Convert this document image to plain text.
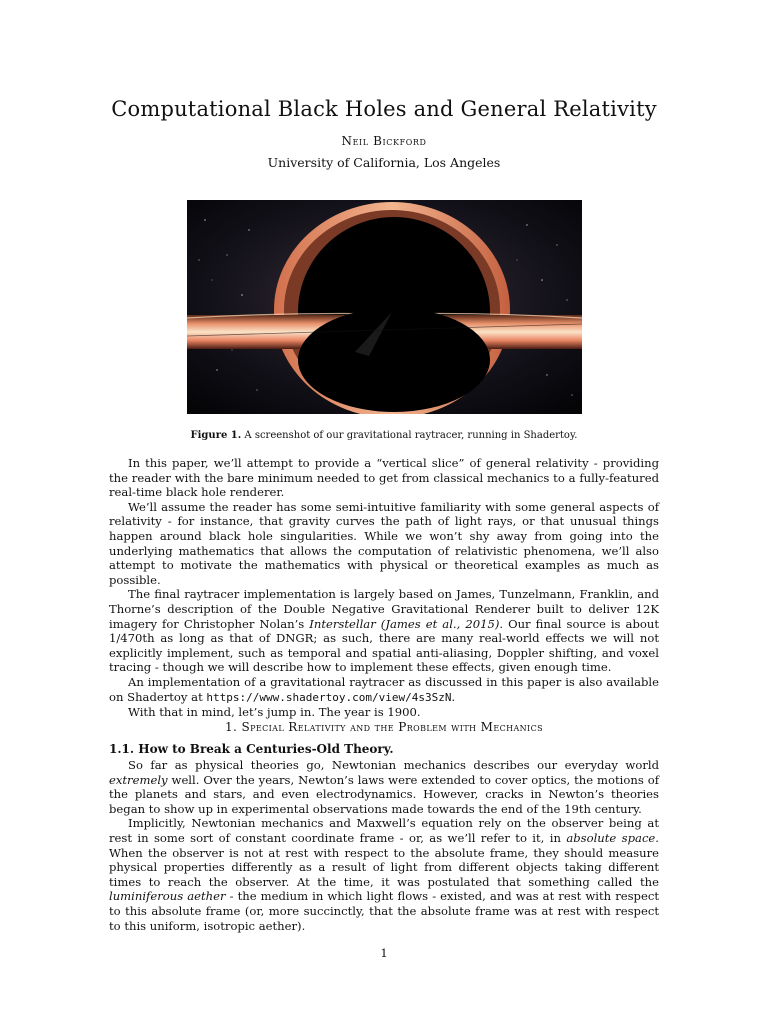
Computational Black Holes and General Relativity
Neil Bickford
University of California, Los Angeles
Figure 1. A screenshot of our gravitational raytracer, running in Shadertoy.

In this paper, we’ll attempt to provide a “vertical slice” of general relativity - providing the reader with the bare minimum needed to get from classical mechanics to a fully-featured real-time black hole renderer.

We’ll assume the reader has some semi-intuitive familiarity with some general aspects of relativity - for instance, that gravity curves the path of light rays, or that unusual things happen around black hole singularities. While we won’t shy away from going into the underlying mathematics that allows the computation of relativistic phenomena, we’ll also attempt to motivate the mathematics with physical or theoretical examples as much as possible.

The final raytracer implementation is largely based on James, Tunzelmann, Franklin, and Thorne’s description of the Double Negative Gravitational Renderer built to deliver 12K imagery for Christopher Nolan’s Interstellar (James et al., 2015). Our final source is about 1/470th as long as that of DNGR; as such, there are many real-world effects we will not explicitly implement, such as temporal and spatial anti-aliasing, Doppler shifting, and voxel tracing - though we will describe how to implement these effects, given enough time.

An implementation of a gravitational raytracer as discussed in this paper is also available on Shadertoy at https://www.shadertoy.com/view/4s3SzN.

With that in mind, let’s jump in. The year is 1900.

1. Special Relativity and the Problem with Mechanics
1.1. How to Break a Centuries-Old Theory.

So far as physical theories go, Newtonian mechanics describes our everyday world extremely well. Over the years, Newton’s laws were extended to cover optics, the motions of the planets and stars, and even electrodynamics. However, cracks in Newton’s theories began to show up in experimental observations made towards the end of the 19th century.

Implicitly, Newtonian mechanics and Maxwell’s equation rely on the observer being at rest in some sort of constant coordinate frame - or, as we’ll refer to it, in absolute space. When the observer is not at rest with respect to the absolute frame, they should measure physical properties differently as a result of light from different objects taking different times to reach the observer. At the time, it was postulated that something called the luminiferous aether - the medium in which light flows - existed, and was at rest with respect to this absolute frame (or, more succinctly, that the absolute frame was at rest with respect to this uniform, isotropic aether).

1
